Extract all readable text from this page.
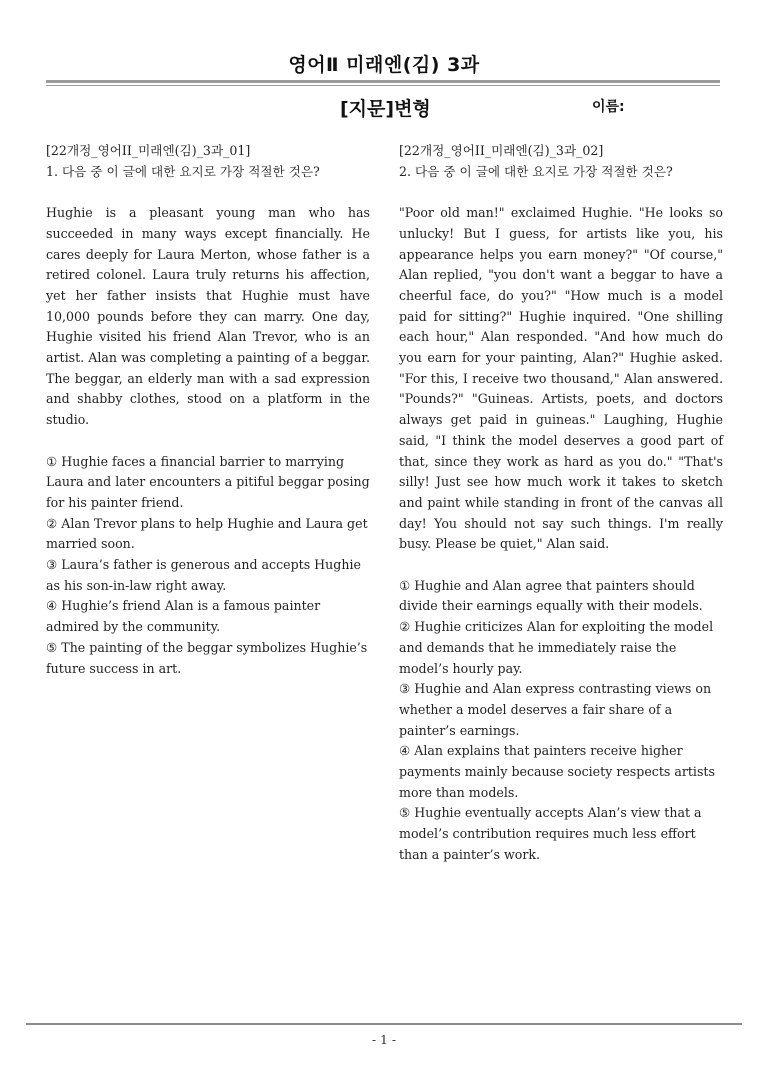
영어Ⅱ 미래엔(김) 3과
[지문]변형	이름:
[22개정_영어II_미래엔(김)_3과_01]
1. 다음 중 이 글에 대한 요지로 가장 적절한 것은?
Hughie is a pleasant young man who has succeeded in many ways except financially. He cares deeply for Laura Merton, whose father is a retired colonel. Laura truly returns his affection, yet her father insists that Hughie must have 10,000 pounds before they can marry. One day, Hughie visited his friend Alan Trevor, who is an artist. Alan was completing a painting of a beggar. The beggar, an elderly man with a sad expression and shabby clothes, stood on a platform in the studio.
① Hughie faces a financial barrier to marrying Laura and later encounters a pitiful beggar posing for his painter friend.
② Alan Trevor plans to help Hughie and Laura get married soon.
③ Laura’s father is generous and accepts Hughie as his son-in-law right away.
④ Hughie’s friend Alan is a famous painter admired by the community.
⑤ The painting of the beggar symbolizes Hughie’s future success in art.
[22개정_영어II_미래엔(김)_3과_02]
2. 다음 중 이 글에 대한 요지로 가장 적절한 것은?
"Poor old man!" exclaimed Hughie. "He looks so unlucky! But I guess, for artists like you, his appearance helps you earn money?" "Of course," Alan replied, "you don't want a beggar to have a cheerful face, do you?" "How much is a model paid for sitting?" Hughie inquired. "One shilling each hour," Alan responded. "And how much do you earn for your painting, Alan?" Hughie asked. "For this, I receive two thousand," Alan answered. "Pounds?" "Guineas. Artists, poets, and doctors always get paid in guineas." Laughing, Hughie said, "I think the model deserves a good part of that, since they work as hard as you do." "That's silly! Just see how much work it takes to sketch and paint while standing in front of the canvas all day! You should not say such things. I'm really busy. Please be quiet," Alan said.
① Hughie and Alan agree that painters should divide their earnings equally with their models.
② Hughie criticizes Alan for exploiting the model and demands that he immediately raise the model’s hourly pay.
③ Hughie and Alan express contrasting views on whether a model deserves a fair share of a painter’s earnings.
④ Alan explains that painters receive higher payments mainly because society respects artists more than models.
⑤ Hughie eventually accepts Alan’s view that a model’s contribution requires much less effort than a painter’s work.
- 1 -
